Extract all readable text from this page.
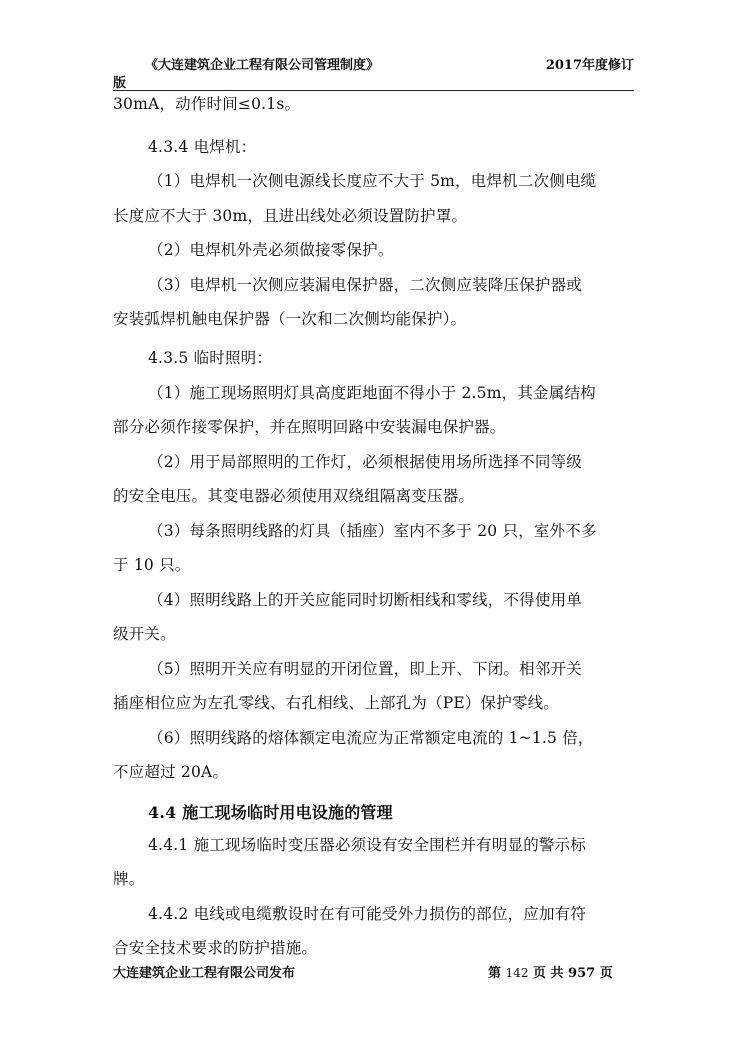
《大连建筑企业工程有限公司管理制度》	2017年度修订
版
30mA，动作时间≤0.1s。
4.3.4 电焊机：
（1）电焊机一次侧电源线长度应不大于 5m，电焊机二次侧电缆
长度应不大于 30m，且进出线处必须设置防护罩。
（2）电焊机外壳必须做接零保护。
（3）电焊机一次侧应装漏电保护器，二次侧应装降压保护器或
安装弧焊机触电保护器（一次和二次侧均能保护）。
4.3.5 临时照明：
（1）施工现场照明灯具高度距地面不得小于 2.5m，其金属结构
部分必须作接零保护，并在照明回路中安装漏电保护器。
（2）用于局部照明的工作灯，必须根据使用场所选择不同等级
的安全电压。其变电器必须使用双绕组隔离变压器。
（3）每条照明线路的灯具（插座）室内不多于 20 只，室外不多
于 10 只。
（4）照明线路上的开关应能同时切断相线和零线，不得使用单
级开关。
（5）照明开关应有明显的开闭位置，即上开、下闭。相邻开关
插座相位应为左孔零线、右孔相线、上部孔为（PE）保护零线。
（6）照明线路的熔体额定电流应为正常额定电流的 1~1.5 倍，
不应超过 20A。
4.4 施工现场临时用电设施的管理
4.4.1 施工现场临时变压器必须设有安全围栏并有明显的警示标
牌。
4.4.2 电线或电缆敷设时在有可能受外力损伤的部位，应加有符
合安全技术要求的防护措施。
大连建筑企业工程有限公司发布	第 142 页 共 957 页
